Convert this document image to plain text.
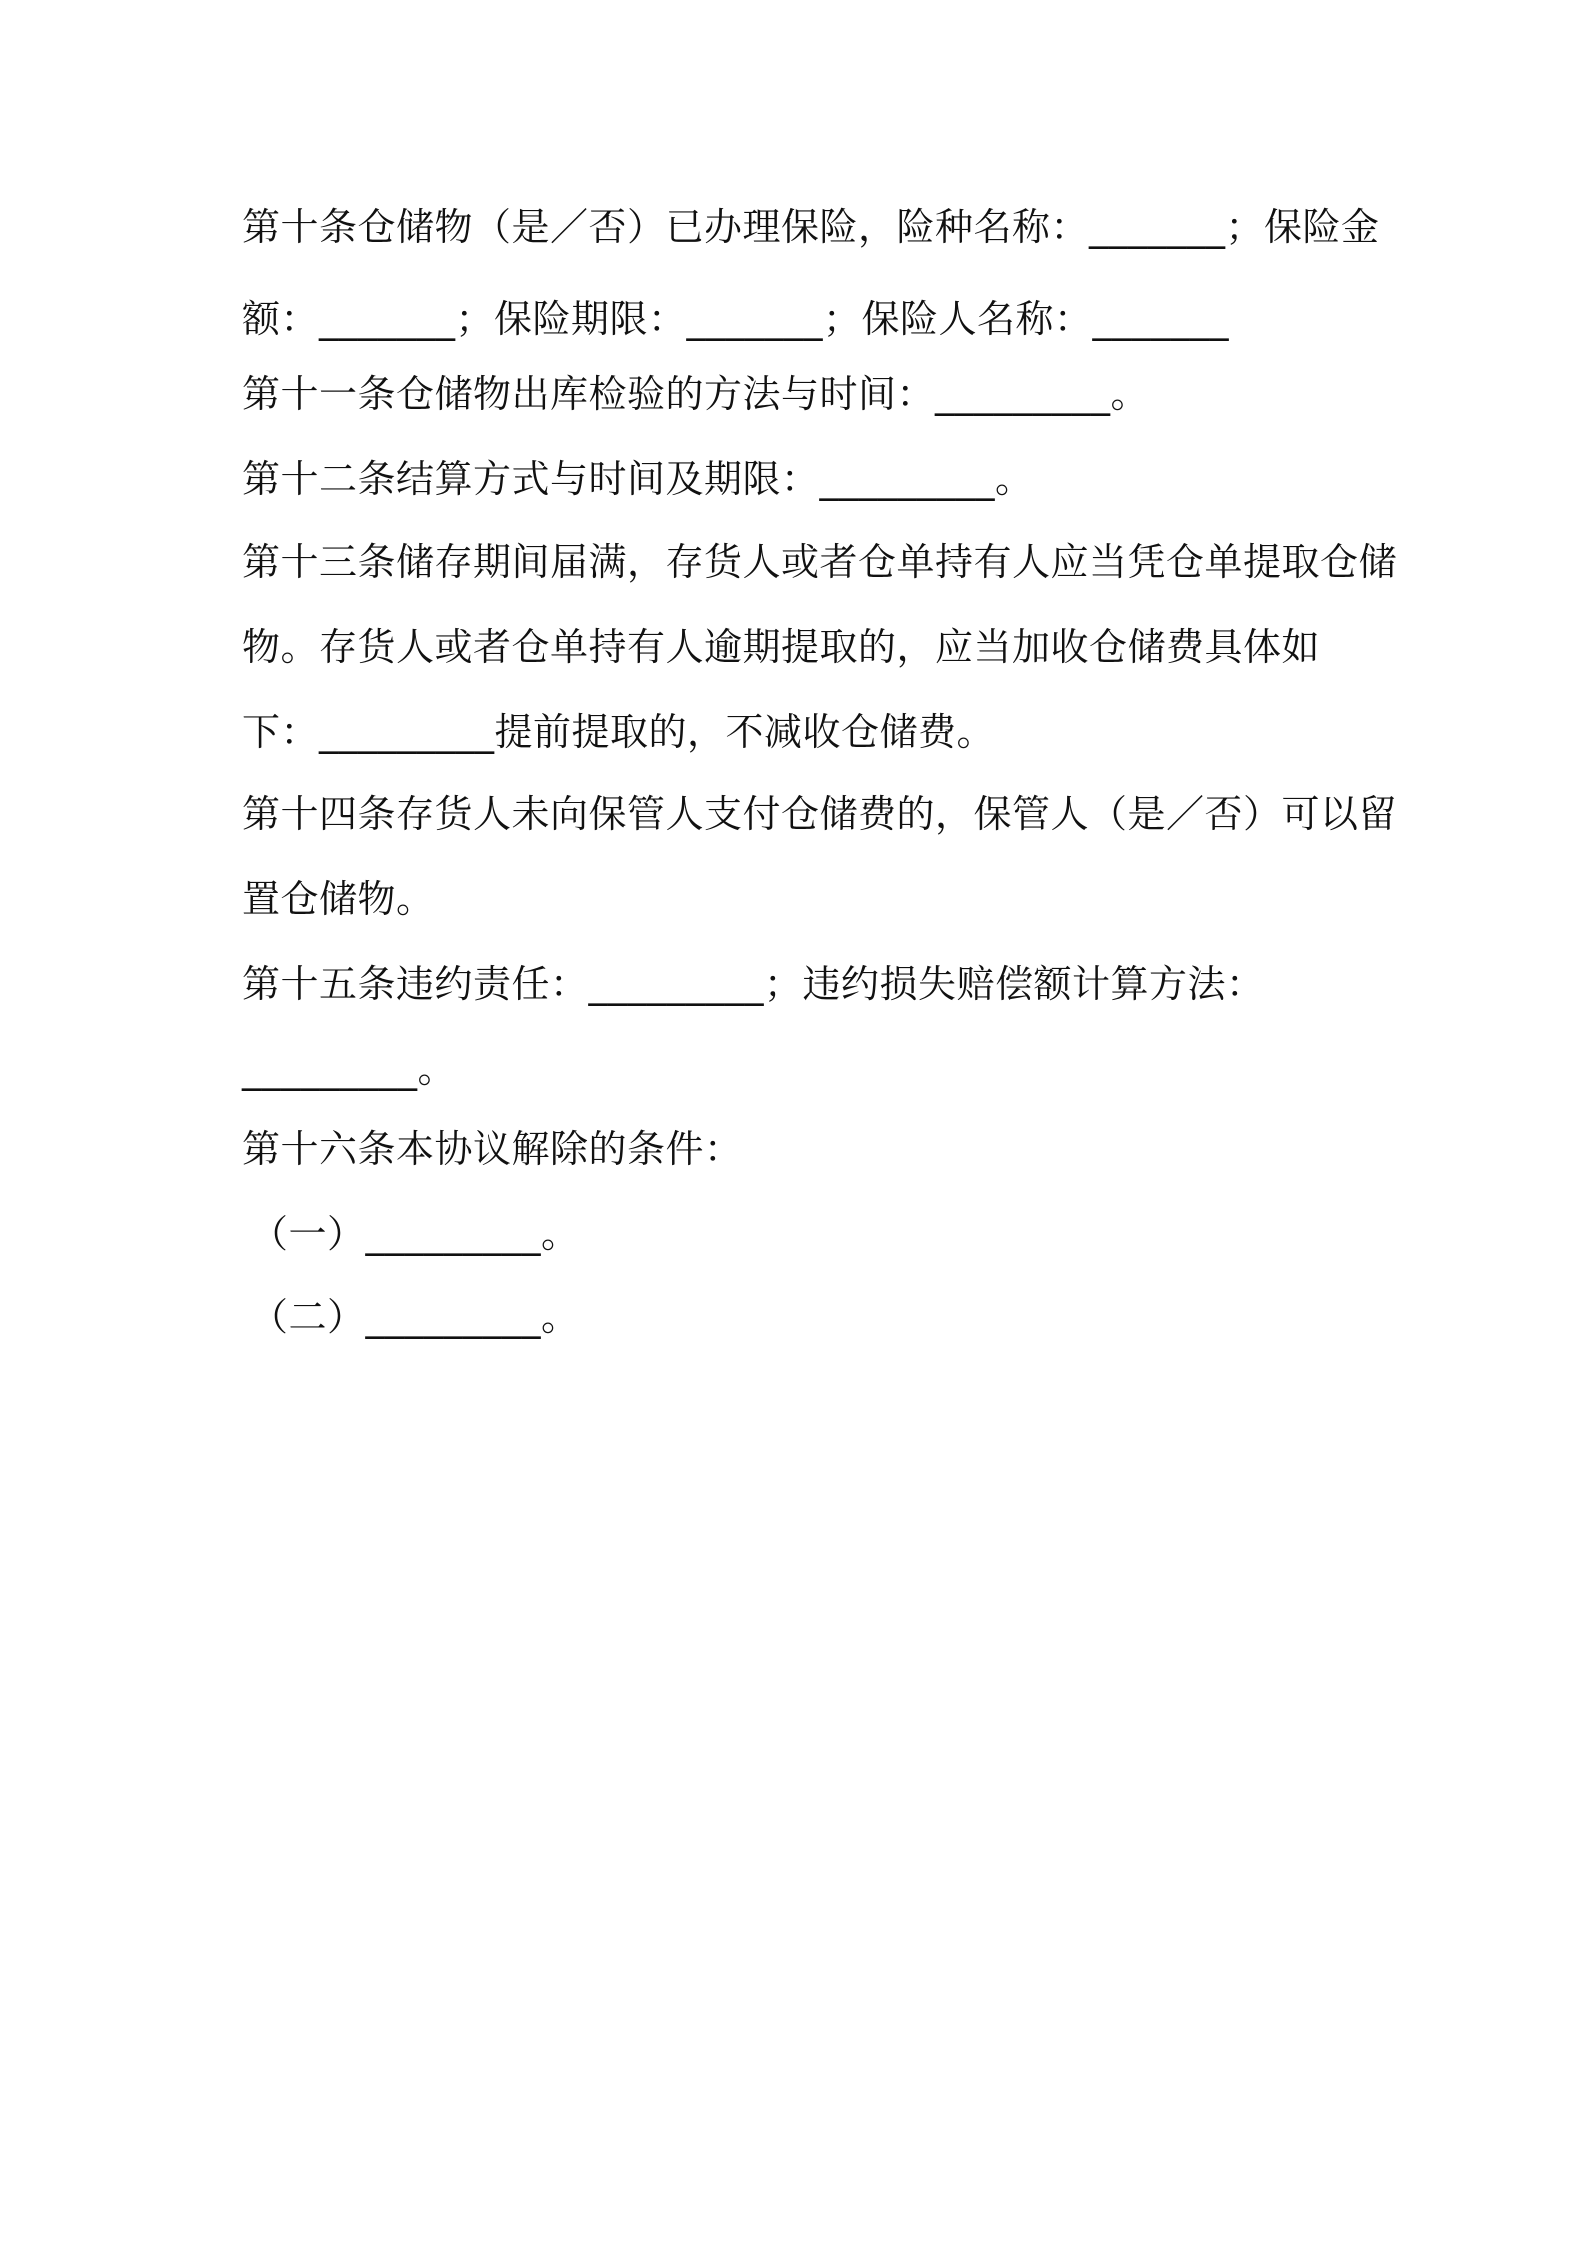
第十条仓储物（是／否）已办理保险，险种名称：_______；保险金
额：_______；保险期限：_______；保险人名称：_______
第十一条仓储物出库检验的方法与时间：_________。
第十二条结算方式与时间及期限：_________。
第十三条储存期间届满，存货人或者仓单持有人应当凭仓单提取仓储
物。存货人或者仓单持有人逾期提取的，应当加收仓储费具体如
下：_________提前提取的，不减收仓储费。
第十四条存货人未向保管人支付仓储费的，保管人（是／否）可以留
置仓储物。
第十五条违约责任：_________；违约损失赔偿额计算方法：
_________。
第十六条本协议解除的条件：
（一）_________。
（二）_________。
